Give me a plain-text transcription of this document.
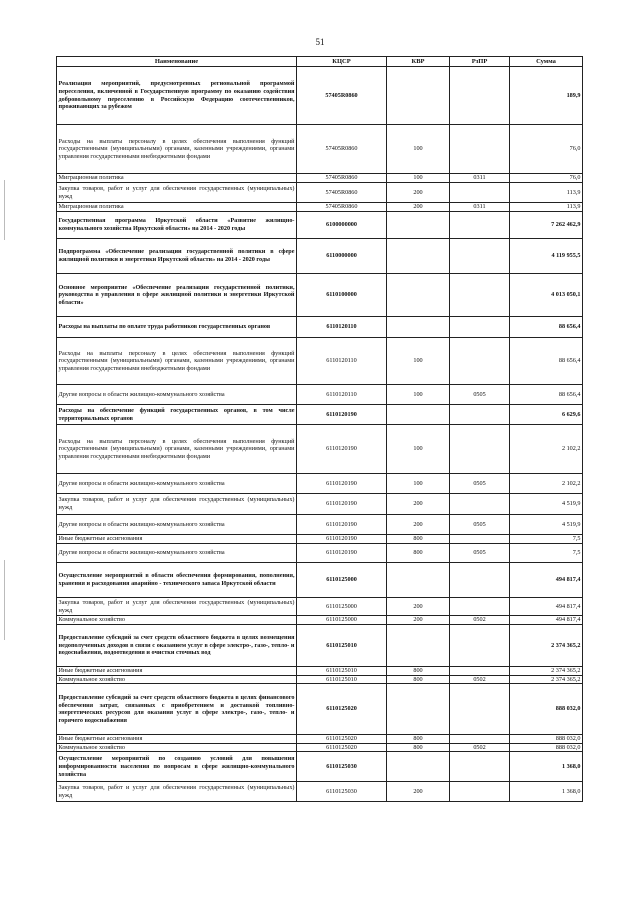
51
Наименование	КЦСР	КВР	РзПР	Сумма
Реализация мероприятий, предусмотренных региональной программой переселения, включенной в Государственную программу по оказанию содействия добровольному переселению в Российскую Федерацию соотечественников, проживающих за рубежом	57405R0860			189,9
Расходы на выплаты персоналу в целях обеспечения выполнения функций государственными (муниципальными) органами, казенными учреждениями, органами управления государственными внебюджетными фондами	57405R0860	100		76,0
Миграционная политика	57405R0860	100	0311	76,0
Закупка товаров, работ и услуг для обеспечения государственных (муниципальных) нужд	57405R0860	200		113,9
Миграционная политика	57405R0860	200	0311	113,9
Государственная программа Иркутской области «Развитие жилищно-коммунального хозяйства Иркутской области» на 2014 - 2020 годы	6100000000			7 262 462,9
Подпрограмма «Обеспечение реализации государственной политики в сфере жилищной политики и энергетики Иркутской области» на 2014 - 2020 годы	6110000000			4 119 955,5
Основное мероприятие «Обеспечение реализации государственной политики, руководства в управления в сфере жилищной политики и энергетики Иркутской области»	6110100000			4 013 050,1
Расходы на выплаты по оплате труда работников государственных органов	6110120110			88 656,4
Расходы на выплаты персоналу в целях обеспечения выполнения функций государственными (муниципальными) органами, казенными учреждениями, органами управления государственными внебюджетными фондами	6110120110	100		88 656,4
Другие вопросы в области жилищно-коммунального хозяйства	6110120110	100	0505	88 656,4
Расходы на обеспечение функций государственных органов, в том числе территориальных органов	6110120190			6 629,6
Расходы на выплаты персоналу в целях обеспечения выполнения функций государственными (муниципальными) органами, казенными учреждениями, органами управления государственными внебюджетными фондами	6110120190	100		2 102,2
Другие вопросы в области жилищно-коммунального хозяйства	6110120190	100	0505	2 102,2
Закупка товаров, работ и услуг для обеспечения государственных (муниципальных) нужд	6110120190	200		4 519,9
Другие вопросы в области жилищно-коммунального хозяйства	6110120190	200	0505	4 519,9
Иные бюджетные ассигнования	6110120190	800		7,5
Другие вопросы в области жилищно-коммунального хозяйства	6110120190	800	0505	7,5
Осуществление мероприятий в области обеспечения формирования, пополнения, хранения и расходования аварийно - технического запаса Иркутской области	6110125000			494 817,4
Закупка товаров, работ и услуг для обеспечения государственных (муниципальных) нужд	6110125000	200		494 817,4
Коммунальное хозяйство	6110125000	200	0502	494 817,4
Предоставление субсидий за счет средств областного бюджета в целях возмещения недополученных доходов в связи с оказанием услуг в сфере электро-, газо-, тепло- и водоснабжения, водоотведения и очистки сточных вод	6110125010			2 374 365,2
Иные бюджетные ассигнования	6110125010	800		2 374 365,2
Коммунальное хозяйство	6110125010	800	0502	2 374 365,2
Предоставление субсидий за счет средств областного бюджета в целях финансового обеспечения затрат, связанных с приобретением и доставкой топливно-энергетических ресурсов для оказания услуг в сфере электро-, газо-, тепло- и горячего водоснабжения	6110125020			888 032,0
Иные бюджетные ассигнования	6110125020	800		888 032,0
Коммунальное хозяйство	6110125020	800	0502	888 032,0
Осуществление мероприятий по созданию условий для повышения информированности населения по вопросам в сфере жилищно-коммунального хозяйства	6110125030			1 368,0
Закупка товаров, работ и услуг для обеспечения государственных (муниципальных) нужд	6110125030	200		1 368,0
